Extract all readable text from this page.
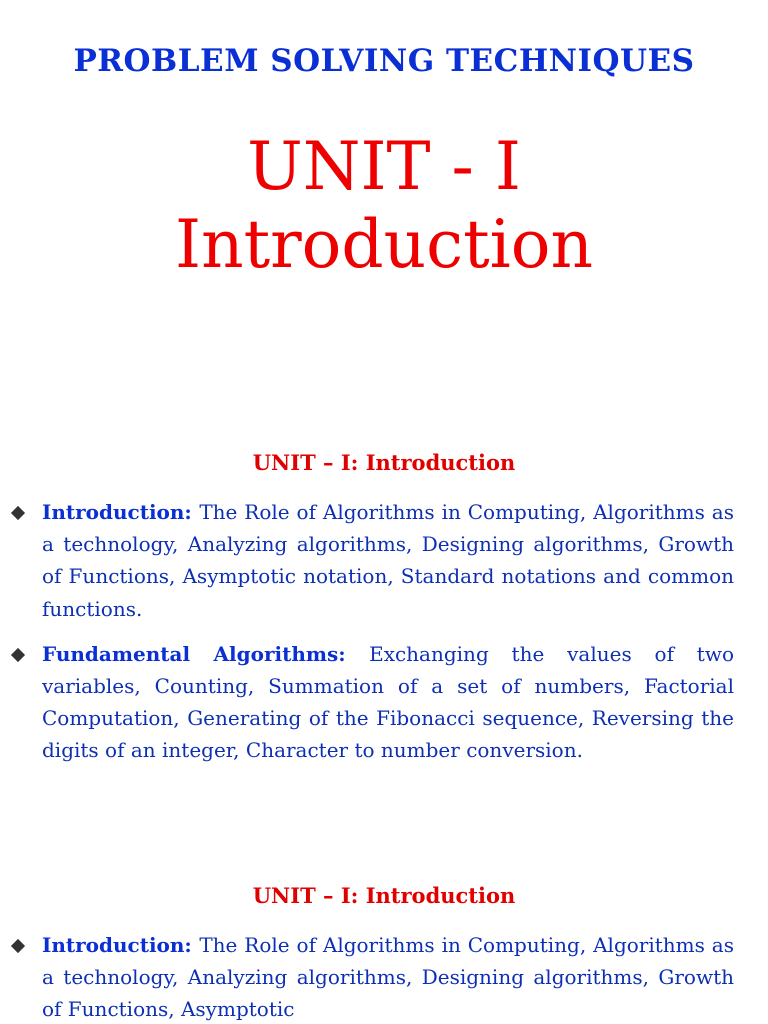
PROBLEM SOLVING TECHNIQUES
UNIT - I
Introduction
UNIT – I: Introduction
Introduction: The Role of Algorithms in Computing, Algorithms as a technology, Analyzing algorithms, Designing algorithms, Growth of Functions, Asymptotic notation, Standard notations and common functions.
Fundamental Algorithms: Exchanging the values of two variables, Counting, Summation of a set of numbers, Factorial Computation, Generating of the Fibonacci sequence, Reversing the digits of an integer, Character to number conversion.
UNIT – I: Introduction
Introduction: The Role of Algorithms in Computing, Algorithms as a technology, Analyzing algorithms, Designing algorithms, Growth of Functions, Asymptotic
